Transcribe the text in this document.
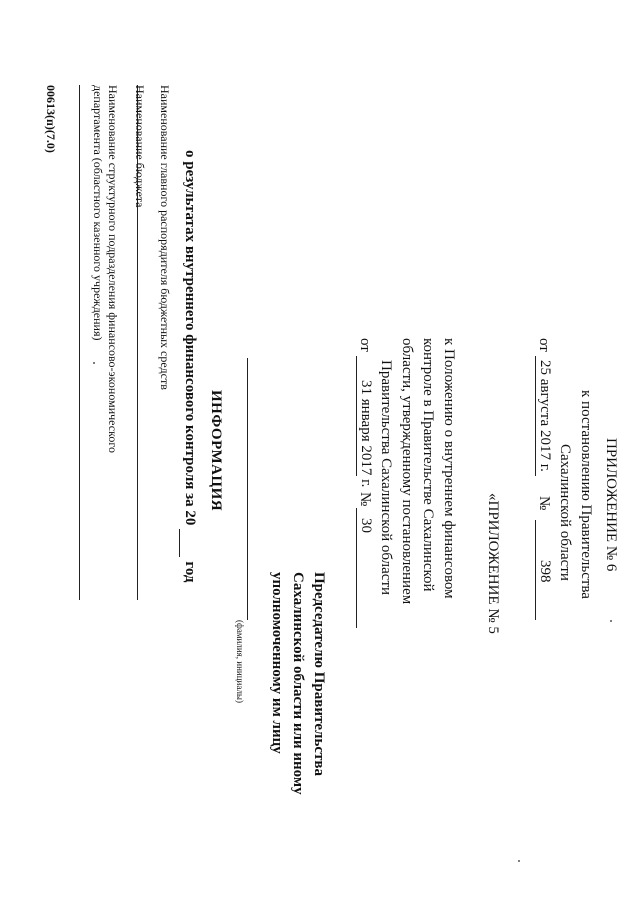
ПРИЛОЖЕНИЕ № 6
к постановлению Правительства
Сахалинской области
от
25 августа 2017 г.
№
398
«ПРИЛОЖЕНИЕ № 5
к Положению о внутреннем финансовом
контроле в Правительстве Сахалинской
области, утвержденному постановлением
Правительства Сахалинской области
от
31 января 2017 г.
№
30
Председателю Правительства
Сахалинской области или иному
уполномоченному им лицу
(фамилия, инициалы)
ИНФОРМАЦИЯ
о результатах внутреннего финансового контроля за 20 год
Наименование главного распорядителя бюджетных средств
Наименование бюджета
Наименование структурного подразделения финансово-экономического
департамента (областного казенного учреждения)
00613(п)(7.0)
